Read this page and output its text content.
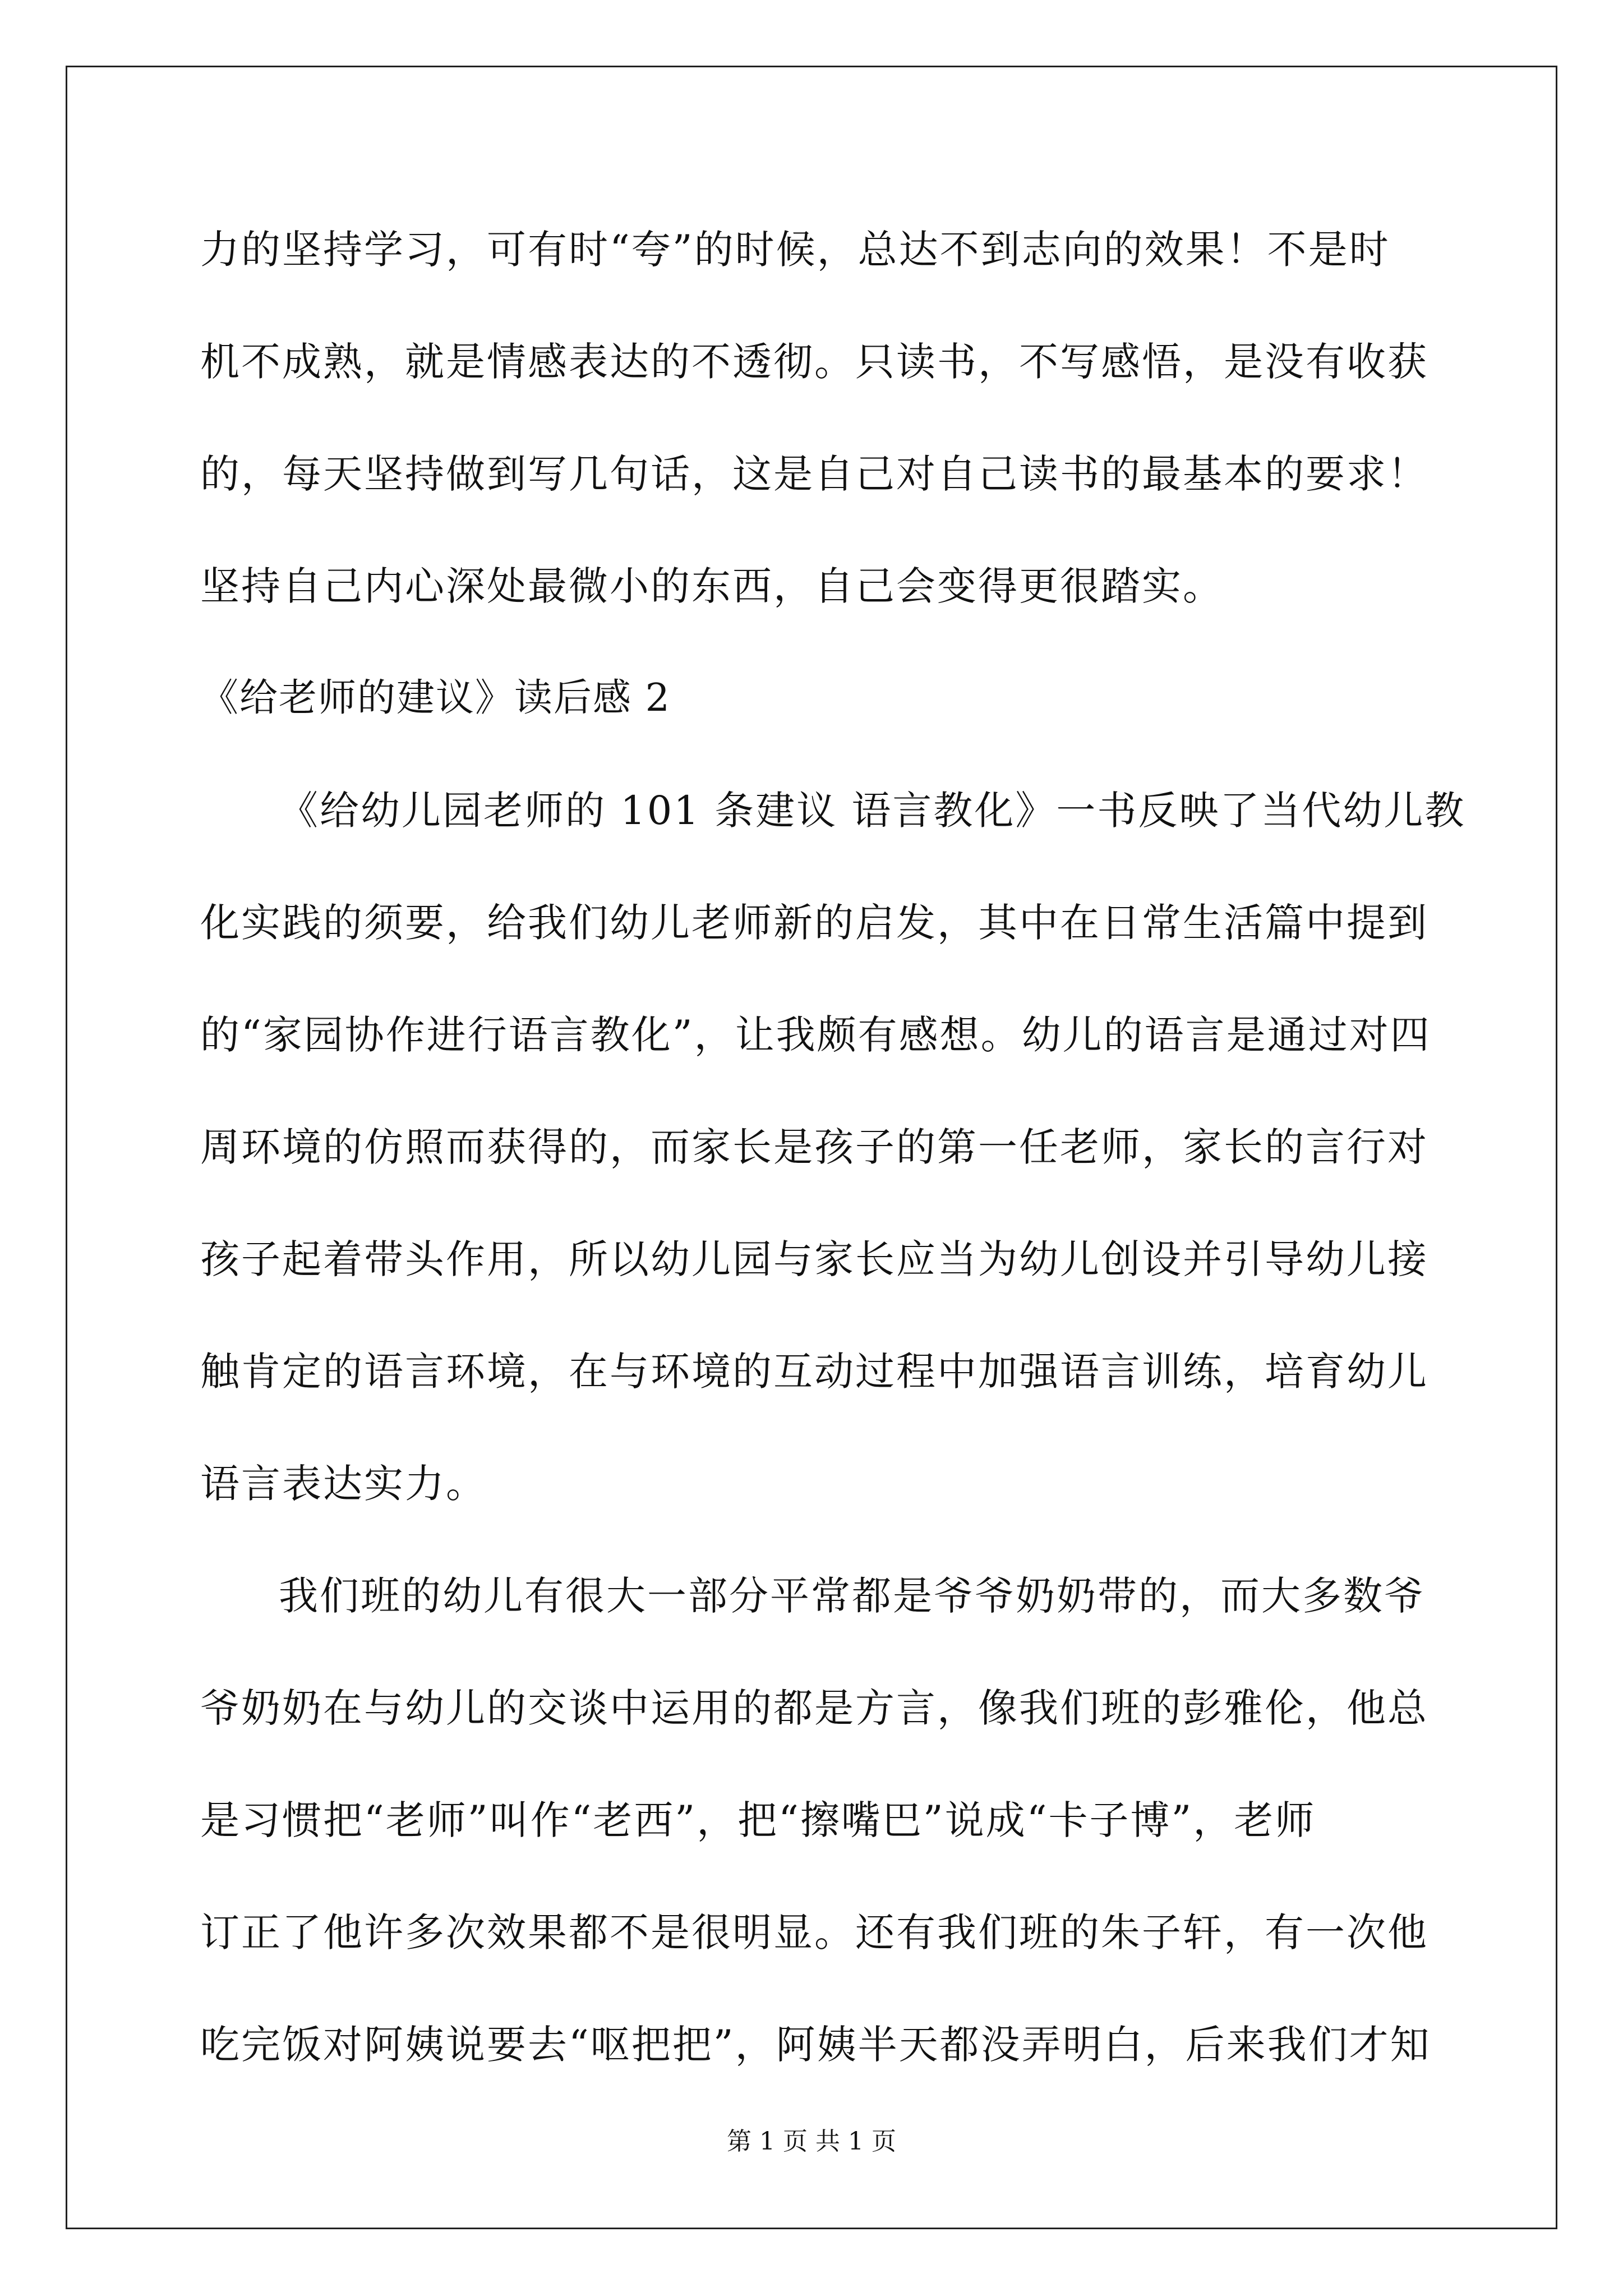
力的坚持学习，可有时“夸”的时候，总达不到志向的效果！不是时
机不成熟，就是情感表达的不透彻。只读书，不写感悟，是没有收获
的，每天坚持做到写几句话，这是自己对自己读书的最基本的要求！
坚持自己内心深处最微小的东西，自己会变得更很踏实。
《给老师的建议》读后感 2
《给幼儿园老师的 101 条建议 语言教化》一书反映了当代幼儿教
化实践的须要，给我们幼儿老师新的启发，其中在日常生活篇中提到
的“家园协作进行语言教化”，让我颇有感想。幼儿的语言是通过对四
周环境的仿照而获得的，而家长是孩子的第一任老师，家长的言行对
孩子起着带头作用，所以幼儿园与家长应当为幼儿创设并引导幼儿接
触肯定的语言环境，在与环境的互动过程中加强语言训练，培育幼儿
语言表达实力。
我们班的幼儿有很大一部分平常都是爷爷奶奶带的，而大多数爷
爷奶奶在与幼儿的交谈中运用的都是方言，像我们班的彭雅伦，他总
是习惯把“老师”叫作“老西”，把“擦嘴巴”说成“卡子博”，老师
订正了他许多次效果都不是很明显。还有我们班的朱子轩，有一次他
吃完饭对阿姨说要去“呕把把”，阿姨半天都没弄明白，后来我们才知
第 1 页 共 1 页
